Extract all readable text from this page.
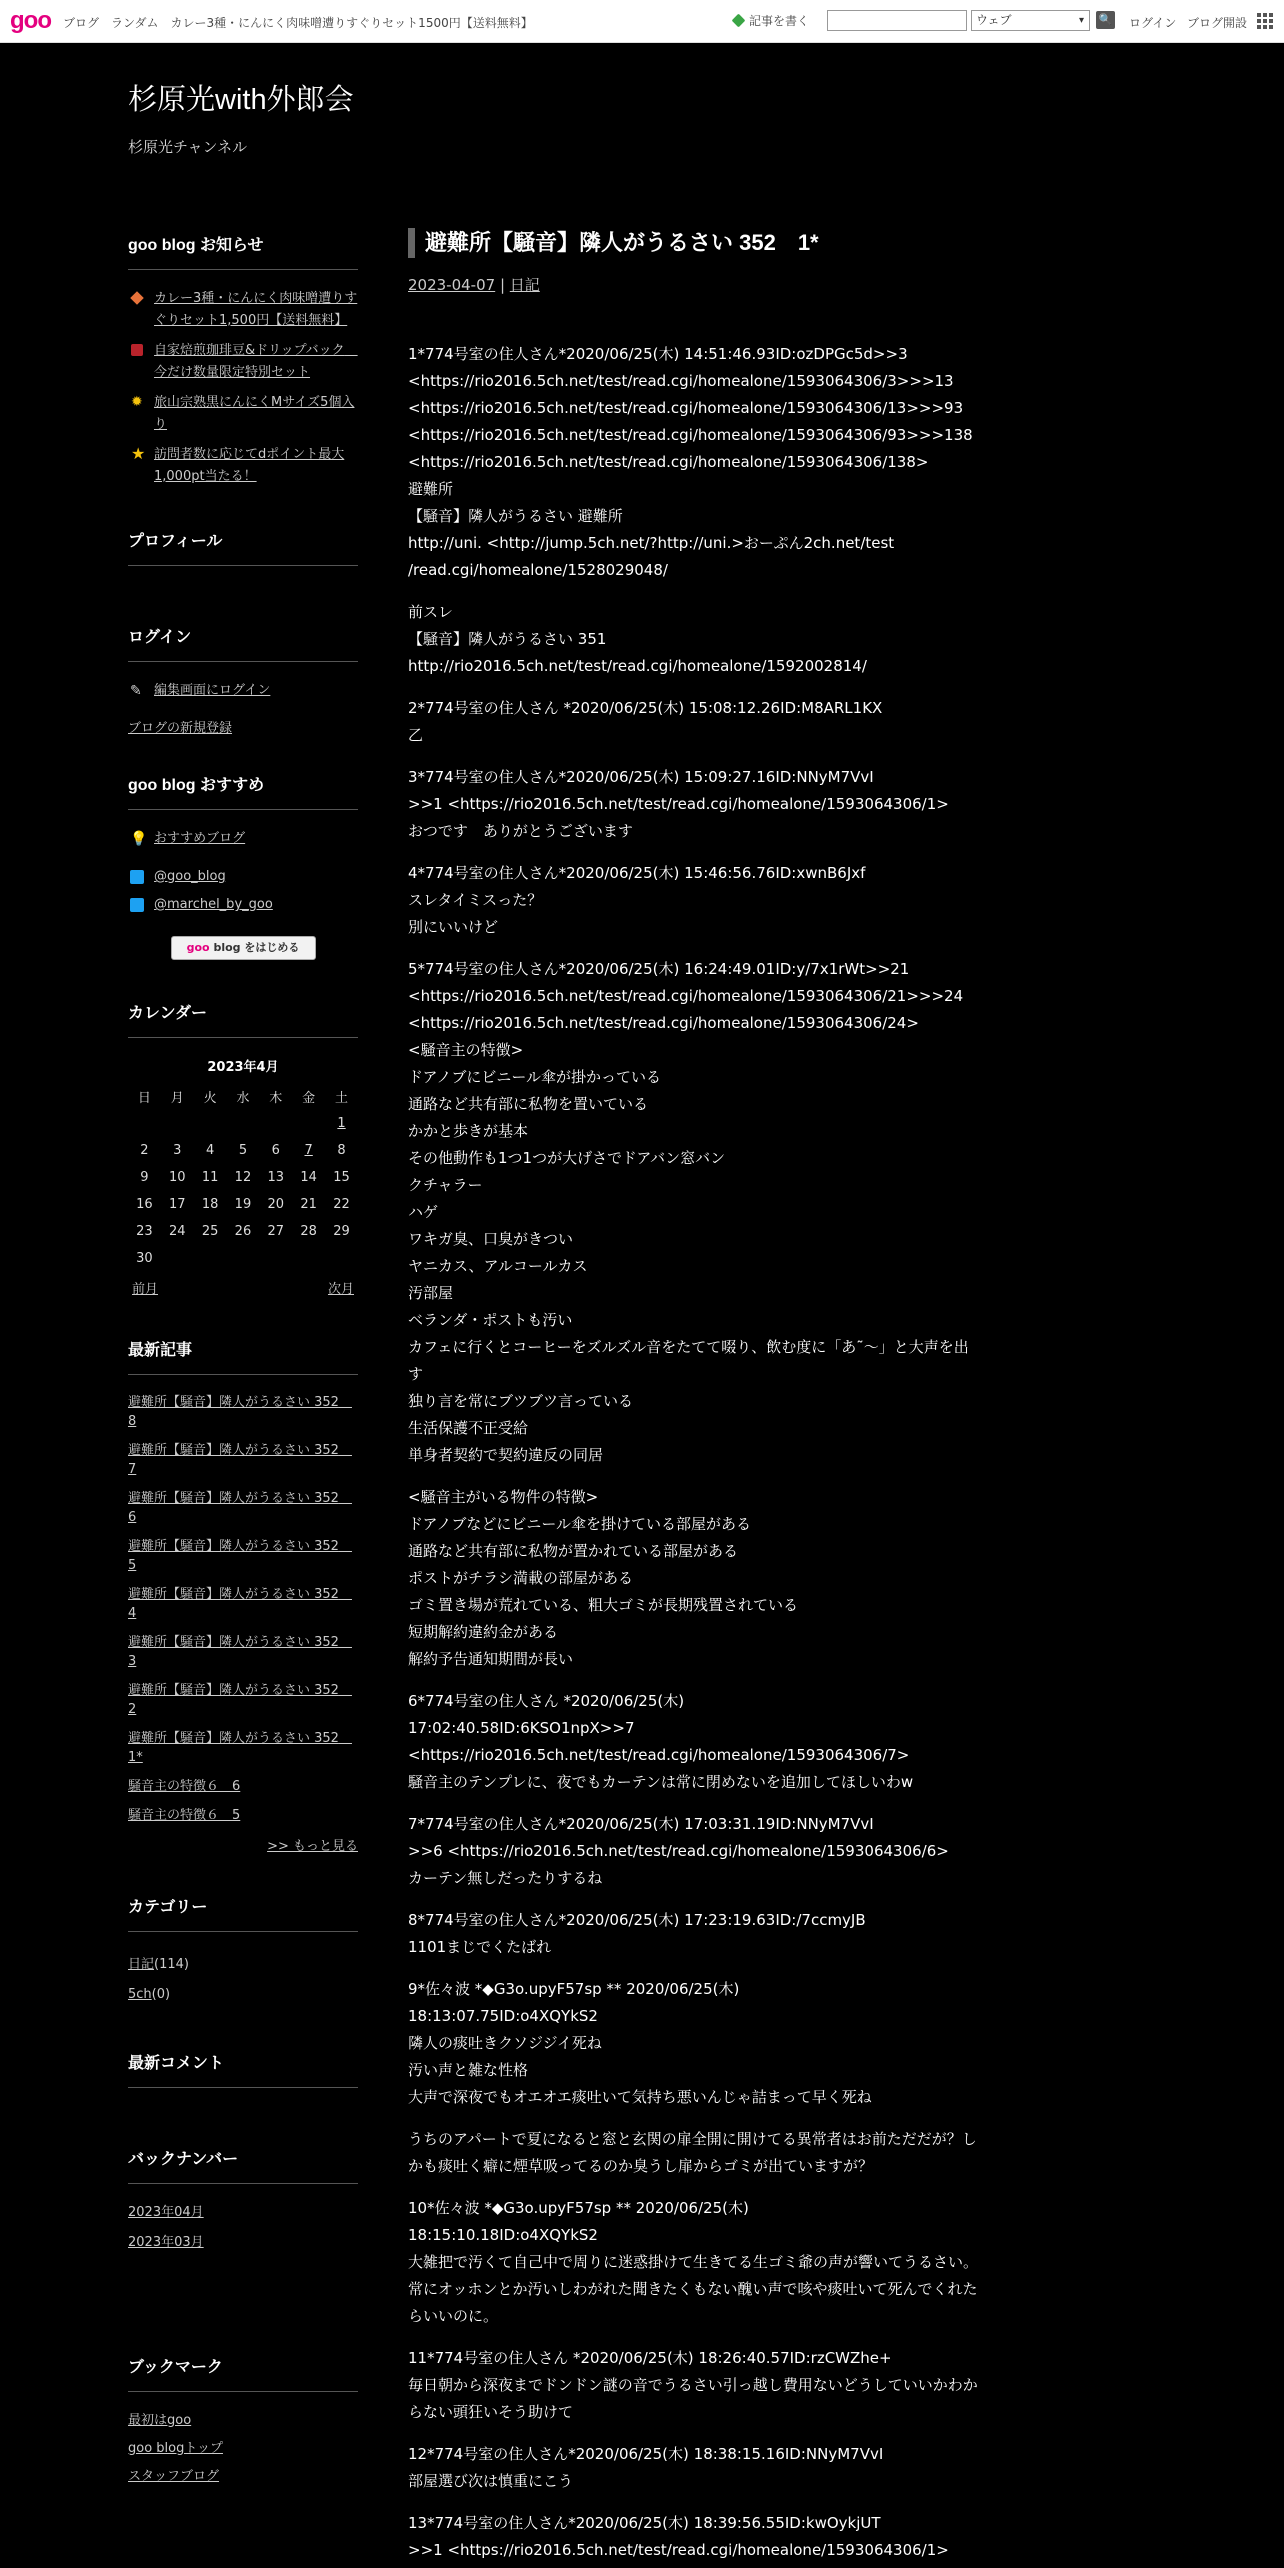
goo ブログ ランダム カレー3種・にんにく肉味噌遭りすぐりセット1500円【送料無料】	記事を書く	ウェブ	▾ 🔍 ログイン ブログ開設
杉原光with外郎会
杉原光チャンネル
goo blog お知らせ
カレー3種・にんにく肉味噌遭りすぐりセット1,500円【送料無料】
自家焙煎珈琲豆&ドリップバック　今だけ数量限定特別セット
✹ 旅山宗熟黒にんにくMサイズ5個入り
★ 訪問者数に応じてdポイント最大1,000pt当たる！
プロフィール
ログイン
✎ 編集画面にログイン
ブログの新規登録
goo blog おすすめ
💡 おすすめブログ
@goo_blog
@marchel_by_goo
goo blog をはじめる
カレンダー
2023年4月
日	月	火	水	木	金	土
						1
2	3	4	5	6	7	8
9	10	11	12	13	14	15
16	17	18	19	20	21	22
23	24	25	26	27	28	29
30						
前月	次月
最新記事
避難所【騒音】隣人がうるさい 352　8
避難所【騒音】隣人がうるさい 352　7
避難所【騒音】隣人がうるさい 352　6
避難所【騒音】隣人がうるさい 352　5
避難所【騒音】隣人がうるさい 352　4
避難所【騒音】隣人がうるさい 352　3
避難所【騒音】隣人がうるさい 352　2
避難所【騒音】隣人がうるさい 352　1*
騒音主の特徴６　6
騒音主の特徴６　5
>> もっと見る
カテゴリー
日記(114)
5ch(0)
最新コメント
バックナンバー
2023年04月
2023年03月
ブックマーク
最初はgoo
goo blogトップ
スタッフブログ
避難所【騒音】隣人がうるさい 352　1*
2023-04-07 | 日記

1*774号室の住人さん*2020/06/25(木) 14:51:46.93ID:ozDPGc5d>>3
<https://rio2016.5ch.net/test/read.cgi/homealone/1593064306/3>>>13
<https://rio2016.5ch.net/test/read.cgi/homealone/1593064306/13>>>93
<https://rio2016.5ch.net/test/read.cgi/homealone/1593064306/93>>>138
<https://rio2016.5ch.net/test/read.cgi/homealone/1593064306/138>
避難所
【騒音】隣人がうるさい 避難所
http://uni. <http://jump.5ch.net/?http://uni.>おーぷん2ch.net/test
/read.cgi/homealone/1528029048/

前スレ
【騒音】隣人がうるさい 351
http://rio2016.5ch.net/test/read.cgi/homealone/1592002814/

2*774号室の住人さん *2020/06/25(木) 15:08:12.26ID:M8ARL1KX
乙

3*774号室の住人さん*2020/06/25(木) 15:09:27.16ID:NNyM7VvI
>>1 <https://rio2016.5ch.net/test/read.cgi/homealone/1593064306/1>
おつです　ありがとうございます

4*774号室の住人さん*2020/06/25(木) 15:46:56.76ID:xwnB6Jxf
スレタイミスった？
別にいいけど

5*774号室の住人さん*2020/06/25(木) 16:24:49.01ID:y/7x1rWt>>21
<https://rio2016.5ch.net/test/read.cgi/homealone/1593064306/21>>>24
<https://rio2016.5ch.net/test/read.cgi/homealone/1593064306/24>
<騒音主の特徴>
ドアノブにビニール傘が掛かっている
通路など共有部に私物を置いている
かかと歩きが基本
その他動作も1つ1つが大げさでドアバン窓バン
クチャラー
ハゲ
ワキガ臭、口臭がきつい
ヤニカス、アルコールカス
汚部屋
ベランダ・ポストも汚い
カフェに行くとコーヒーをズルズル音をたてて啜り、飲む度に「あ˜～」と大声を出す
独り言を常にブツブツ言っている
生活保護不正受給
単身者契約で契約違反の同居

<騒音主がいる物件の特徴>
ドアノブなどにビニール傘を掛けている部屋がある
通路など共有部に私物が置かれている部屋がある
ポストがチラシ満載の部屋がある
ゴミ置き場が荒れている、粗大ゴミが長期残置されている
短期解約違約金がある
解約予告通知期間が長い

6*774号室の住人さん *2020/06/25(木)
17:02:40.58ID:6KSO1npX>>7
<https://rio2016.5ch.net/test/read.cgi/homealone/1593064306/7>
騒音主のテンプレに、夜でもカーテンは常に閉めないを追加してほしいわw

7*774号室の住人さん*2020/06/25(木) 17:03:31.19ID:NNyM7VvI
>>6 <https://rio2016.5ch.net/test/read.cgi/homealone/1593064306/6>
カーテン無しだったりするね

8*774号室の住人さん*2020/06/25(木) 17:23:19.63ID:/7ccmyJB
1101まじでくたばれ

9*佐々波 *◆G3o.upyF57sp ** 2020/06/25(木)
18:13:07.75ID:o4XQYkS2
隣人の痰吐きクソジジイ死ね
汚い声と雑な性格
大声で深夜でもオエオエ痰吐いて気持ち悪いんじゃ詰まって早く死ね

うちのアパートで夏になると窓と玄関の扉全開に開けてる異常者はお前ただだが？しかも痰吐く癖に煙草吸ってるのか臭うし扉からゴミが出ていますが？

10*佐々波 *◆G3o.upyF57sp ** 2020/06/25(木)
18:15:10.18ID:o4XQYkS2
大雑把で汚くて自己中で周りに迷惑掛けて生きてる生ゴミ爺の声が響いてうるさい。常にオッホンとか汚いしわがれた聞きたくもない醜い声で咳や痰吐いて死んでくれたらいいのに。

11*774号室の住人さん *2020/06/25(木) 18:26:40.57ID:rzCWZhe+
毎日朝から深夜までドンドン謎の音でうるさい引っ越し費用ないどうしていいかわからない頭狂いそう助けて

12*774号室の住人さん*2020/06/25(木) 18:38:15.16ID:NNyM7VvI
部屋選び次は慎重にこう

13*774号室の住人さん*2020/06/25(木) 18:39:56.55ID:kwOykjUT
>>1 <https://rio2016.5ch.net/test/read.cgi/homealone/1593064306/1>
